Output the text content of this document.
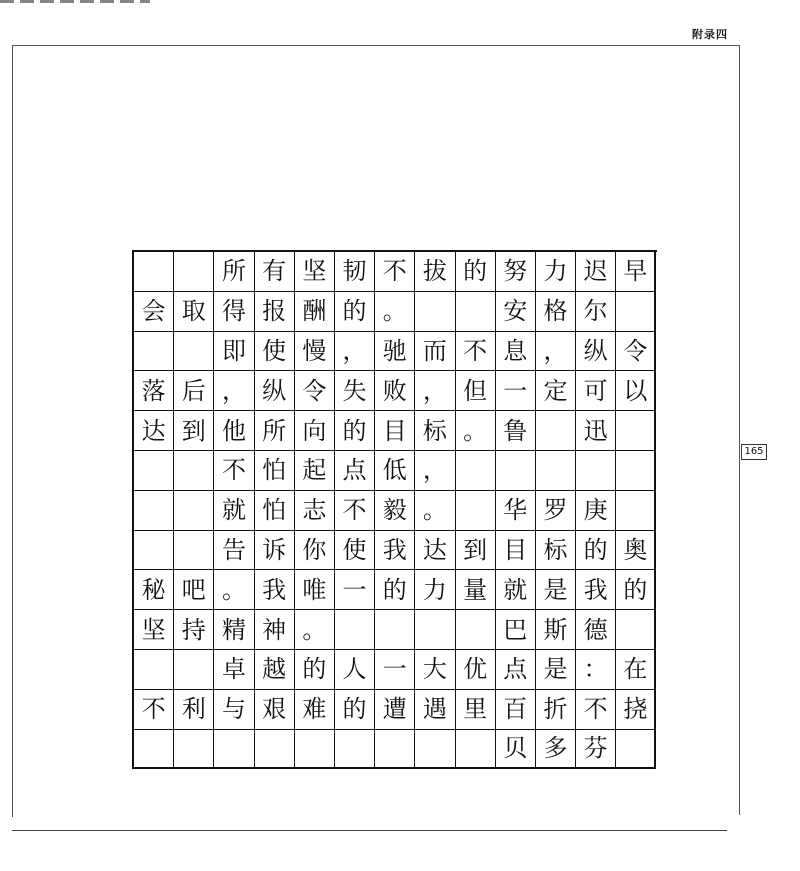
附录四
165
所 有 坚 韧 不 拔 的 努 力 迟 早
会 取 得 报 酬 的 。	安 格 尔
即 使 慢 ， 驰 而 不 息 ， 纵 令
落 后 ， 纵 令 失 败 ， 但 一 定 可 以
达 到 他 所 向 的 目 标 。 鲁	迅
不 怕 起 点 低 ，
就 怕 志 不 毅 。	华 罗 庚
告 诉 你 使 我 达 到 目 标 的 奥
秘 吧 。 我 唯 一 的 力 量 就 是 我 的
坚 持 精 神 。	巴 斯 德
卓 越 的 人 一 大 优 点 是 ： 在
不 利 与 艰 难 的 遭 遇 里 百 折 不 挠
贝 多 芬
